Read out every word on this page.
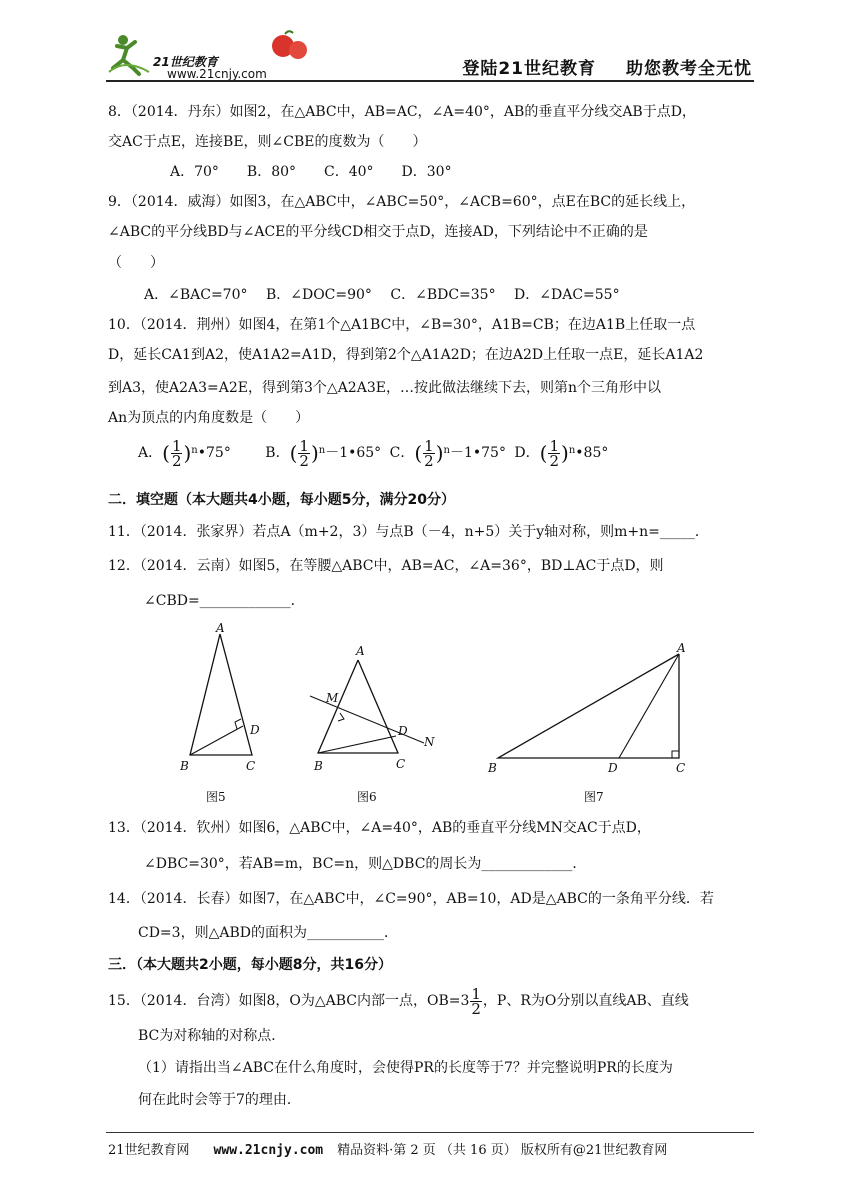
21世纪教育
www.21cnjy.com	登陆21世纪教育 助您教考全无忧
8．（2014．丹东）如图2，在△ABC中，AB=AC，∠A=40°，AB的垂直平分线交AB于点D，
交AC于点E，连接BE，则∠CBE的度数为（　　）
A．70°　　B．80°　　C．40°　　D．30°
9．（2014．威海）如图3，在△ABC中，∠ABC=50°，∠ACB=60°，点E在BC的延长线上，
∠ABC的平分线BD与∠ACE的平分线CD相交于点D，连接AD，下列结论中不正确的是
（　　）
A．∠BAC=70°　 B．∠DOC=90°　 C．∠BDC=35°　 D．∠DAC=55°
10．（2014．荆州）如图4，在第1个△A1BC中，∠B=30°，A1B=CB；在边A1B上任取一点
D，延长CA1到A2，使A1A2=A1D，得到第2个△A1A2D；在边A2D上任取一点E，延长A1A2
到A3，使A2A3=A2E，得到第3个△A2A3E，…按此做法继续下去，则第n个三角形中以
An为顶点的内角度数是（　　）
A．( $\frac{1}{2}$ )$^n$•75° B．( $\frac{1}{2}$ )$^n$－1•65° C．( $\frac{1}{2}$ )$^n$－1•75° D．( $\frac{1}{2}$ )$^n$•85°
二．填空题（本大题共4小题，每小题5分，满分20分）
11．（2014．张家界）若点A（m+2，3）与点B（－4，n+5）关于y轴对称，则m+n=_____．
12．（2014．云南）如图5，在等腰△ABC中，AB=AC，∠A=36°，BD⊥AC于点D，则
∠CBD=_____________．
A
B	C
D
图5
A
B	C
D
M
N
图6
A
B	C
D
图7
13．（2014．钦州）如图6，△ABC中，∠A=40°，AB的垂直平分线MN交AC于点D，
∠DBC=30°，若AB=m，BC=n，则△DBC的周长为_____________．
14．（2014．长春）如图7，在△ABC中，∠C=90°，AB=10，AD是△ABC的一条角平分线．若
CD=3，则△ABD的面积为___________．
三．（本大题共2小题，每小题8分，共16分）
15．（2014．台湾）如图8，O为△ABC内部一点，$OB=3 \frac{1}{2}$ ，P、R为O分别以直线AB、直线
BC为对称轴的对称点．
（1）请指出当∠ABC在什么角度时，会使得PR的长度等于7？并完整说明PR的长度为
何在此时会等于7的理由．
21世纪教育网 www.21cnjy.com 精品资料·第 2 页 （共 16 页） 版权所有@21世纪教育网
